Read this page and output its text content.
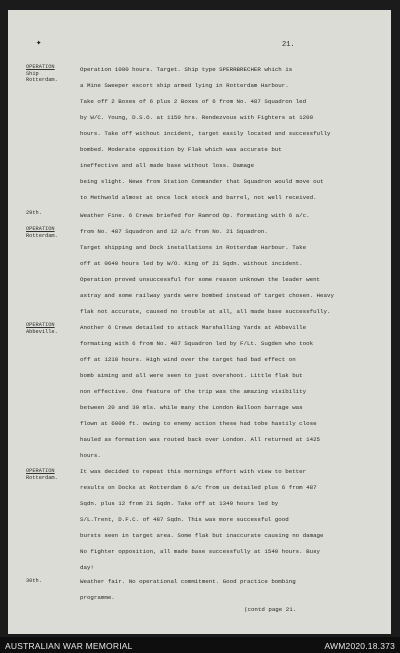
✦	21.
OPERATION
Ship
Rotterdam.
Operation 1000 hours. Target. Ship type SPERRBRECHER which is
a Mine Sweeper escort ship armed lying in Rotterdam Harbour.
Take off 2 Boxes of 6 plus 2 Boxes of 6 from No. 487 Squadron led
by W/C. Young, D.S.O. at 1150 hrs. Rendezvous with Fighters at 1200
hours. Take off without incident, target easily located and successfully
bombed. Moderate opposition by Flak which was accurate but
ineffective and all made base without loss. Damage
being slight. News from Station Commander that Squadron would move out
to Methwold almost at once lock stock and barrel, not well received.
29th.	Weather Fine. 6 Crews briefed for Ramrod Op. formating with 6 a/c.
OPERATION
Rotterdam.
from No. 487 Squadron and 12 a/c from No. 21 Squadron.
Target shipping and Dock installations in Rotterdam Harbour. Take
off at 0640 hours led by W/O. King of 21 Sqdn. without incident.
Operation proved unsuccessful for some reason unknown the leader went
astray and some railway yards were bombed instead of target chosen. Heavy
flak not accurate, caused no trouble at all, all made base successfully.
OPERATION
Abbeville.
Another 6 Crews detailed to attack Marshalling Yards at Abbeville
formating with 6 from No. 487 Squadron led by F/Lt. Sugden who took
off at 1218 hours. High wind over the target had bad effect on
bomb aiming and all were seen to just overshoot. Little flak but
non effective. One feature of the trip was the amazing visibility
between 20 and 30 mls. while many the London Balloon barrage was
flown at 6000 ft. owing to enemy action these had tobe hastily close
hauled as formation was routed back over London. All returned at 1425
hours.
OPERATION
Rotterdam.
It was decided to repeat this mornings effort with view to better
results on Docks at Rotterdam 6 a/c from us detailed plus 6 from 487
Sqdn. plus 12 from 21 Sqdn. Take off at 1340 hours led by
S/L.Trent, D.F.C. of 487 Sqdn. This was more successful good
bursts seen in target area. Some flak but inaccurate causing no damage
No fighter opposition, all made base successfully at 1540 hours. Busy
day!
30th.	Weather fair. No operational commitment. Good practice bombing
programme.
(contd page 21.
AUSTRALIAN WAR MEMORIAL	AWM2020.18.373
